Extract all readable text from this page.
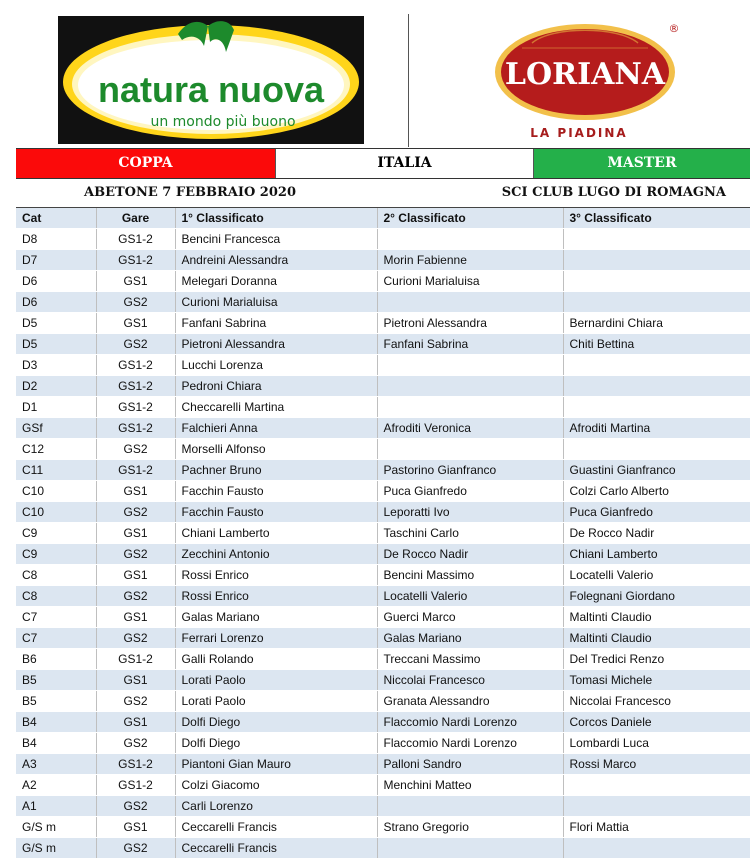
natura nuova
un mondo più buono
LORIANA
®
LA PIADINA
COPPA	ITALIA	MASTER
ABETONE 7 FEBBRAIO 2020	SCI CLUB LUGO DI ROMAGNA
Cat	Gare	1° Classificato	2° Classificato	3° Classificato
D8	GS1-2	Bencini Francesca		
D7	GS1-2	Andreini Alessandra	Morin Fabienne	
D6	GS1	Melegari Doranna	Curioni Marialuisa	
D6	GS2	Curioni Marialuisa		
D5	GS1	Fanfani Sabrina	Pietroni Alessandra	Bernardini Chiara
D5	GS2	Pietroni Alessandra	Fanfani Sabrina	Chiti Bettina
D3	GS1-2	Lucchi Lorenza		
D2	GS1-2	Pedroni Chiara		
D1	GS1-2	Checcarelli Martina		
GSf	GS1-2	Falchieri Anna	Afroditi Veronica	Afroditi Martina
C12	GS2	Morselli Alfonso		
C11	GS1-2	Pachner Bruno	Pastorino Gianfranco	Guastini Gianfranco
C10	GS1	Facchin Fausto	Puca Gianfredo	Colzi Carlo Alberto
C10	GS2	Facchin Fausto	Leporatti Ivo	Puca Gianfredo
C9	GS1	Chiani Lamberto	Taschini Carlo	De Rocco Nadir
C9	GS2	Zecchini Antonio	De Rocco Nadir	Chiani Lamberto
C8	GS1	Rossi Enrico	Bencini Massimo	Locatelli Valerio
C8	GS2	Rossi Enrico	Locatelli Valerio	Folegnani Giordano
C7	GS1	Galas Mariano	Guerci Marco	Maltinti Claudio
C7	GS2	Ferrari Lorenzo	Galas Mariano	Maltinti Claudio
B6	GS1-2	Galli Rolando	Treccani Massimo	Del Tredici Renzo
B5	GS1	Lorati Paolo	Niccolai Francesco	Tomasi Michele
B5	GS2	Lorati Paolo	Granata Alessandro	Niccolai Francesco
B4	GS1	Dolfi Diego	Flaccomio Nardi Lorenzo	Corcos Daniele
B4	GS2	Dolfi Diego	Flaccomio Nardi Lorenzo	Lombardi Luca
A3	GS1-2	Piantoni Gian Mauro	Palloni Sandro	Rossi Marco
A2	GS1-2	Colzi Giacomo	Menchini Matteo	
A1	GS2	Carli Lorenzo		
G/S m	GS1	Ceccarelli Francis	Strano Gregorio	Flori Mattia
G/S m	GS2	Ceccarelli Francis		
